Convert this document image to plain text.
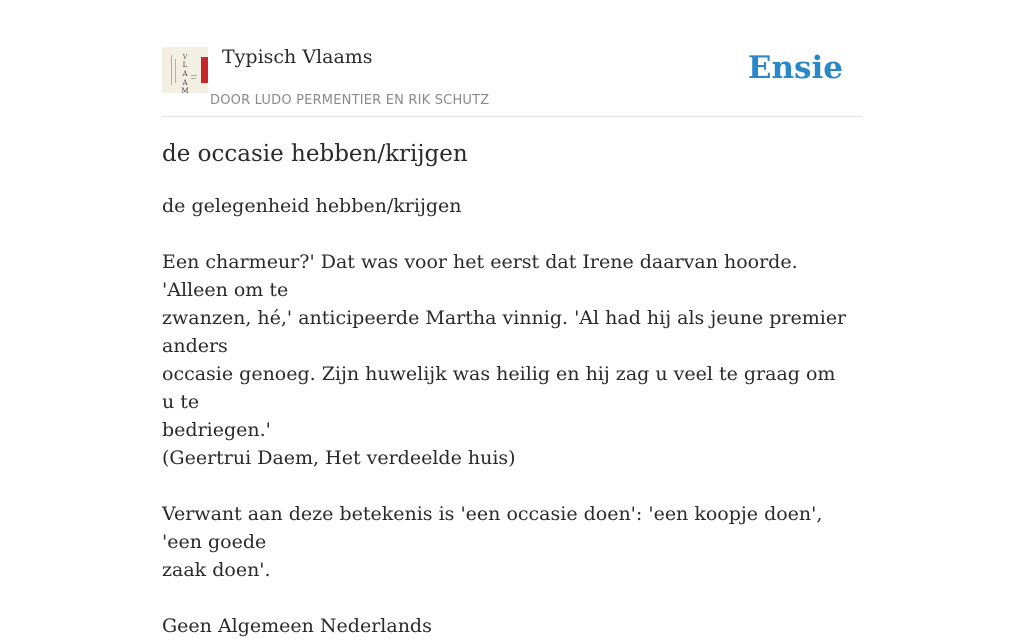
V
L
A
A
M
Typisch Vlaams
DOOR LUDO PERMENTIER EN RIK SCHUTZ
Ensie
de occasie hebben/krijgen

de gelegenheid hebben/krijgen

Een charmeur?' Dat was voor het eerst dat Irene daarvan hoorde. 'Alleen om te
zwanzen, hé,' anticipeerde Martha vinnig. 'Al had hij als jeune premier anders
occasie genoeg. Zijn huwelijk was heilig en hij zag u veel te graag om u te
bedriegen.'

(Geertrui Daem, Het verdeelde huis)

Verwant aan deze betekenis is 'een occasie doen': 'een koopje doen', 'een goede
zaak doen'.

Geen Algemeen Nederlands
